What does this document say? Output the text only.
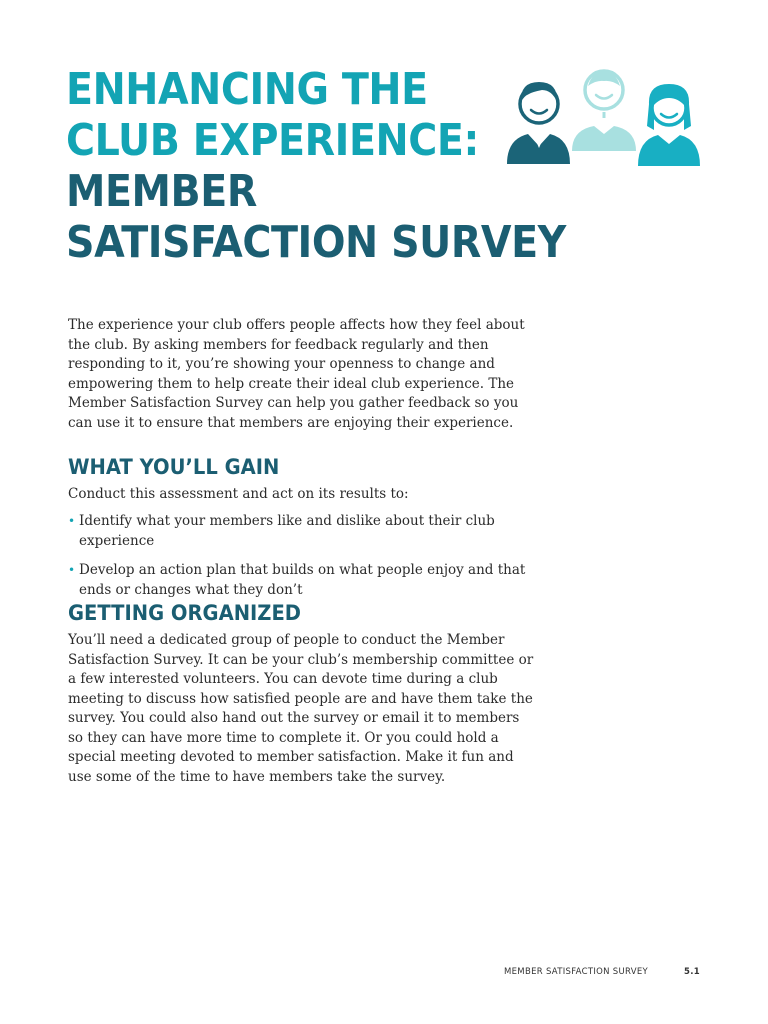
ENHANCING THE
CLUB EXPERIENCE:
MEMBER
SATISFACTION SURVEY

The experience your club offers people affects how they feel about the club. By asking members for feedback regularly and then responding to it, you’re showing your openness to change and empowering them to help create their ideal club experience. The Member Satisfaction Survey can help you gather feedback so you can use it to ensure that members are enjoying their experience.

WHAT YOU’LL GAIN

Conduct this assessment and act on its results to:

• Identify what your members like and dislike about their club experience
• Develop an action plan that builds on what people enjoy and that ends or changes what they don’t
GETTING ORGANIZED

You’ll need a dedicated group of people to conduct the Member Satisfaction Survey. It can be your club’s membership committee or a few interested volunteers. You can devote time during a club meeting to discuss how satisfied people are and have them take the survey. You could also hand out the survey or email it to members so they can have more time to complete it. Or you could hold a special meeting devoted to member satisfaction. Make it fun and use some of the time to have members take the survey.

MEMBER SATISFACTION SURVEY	5.1
